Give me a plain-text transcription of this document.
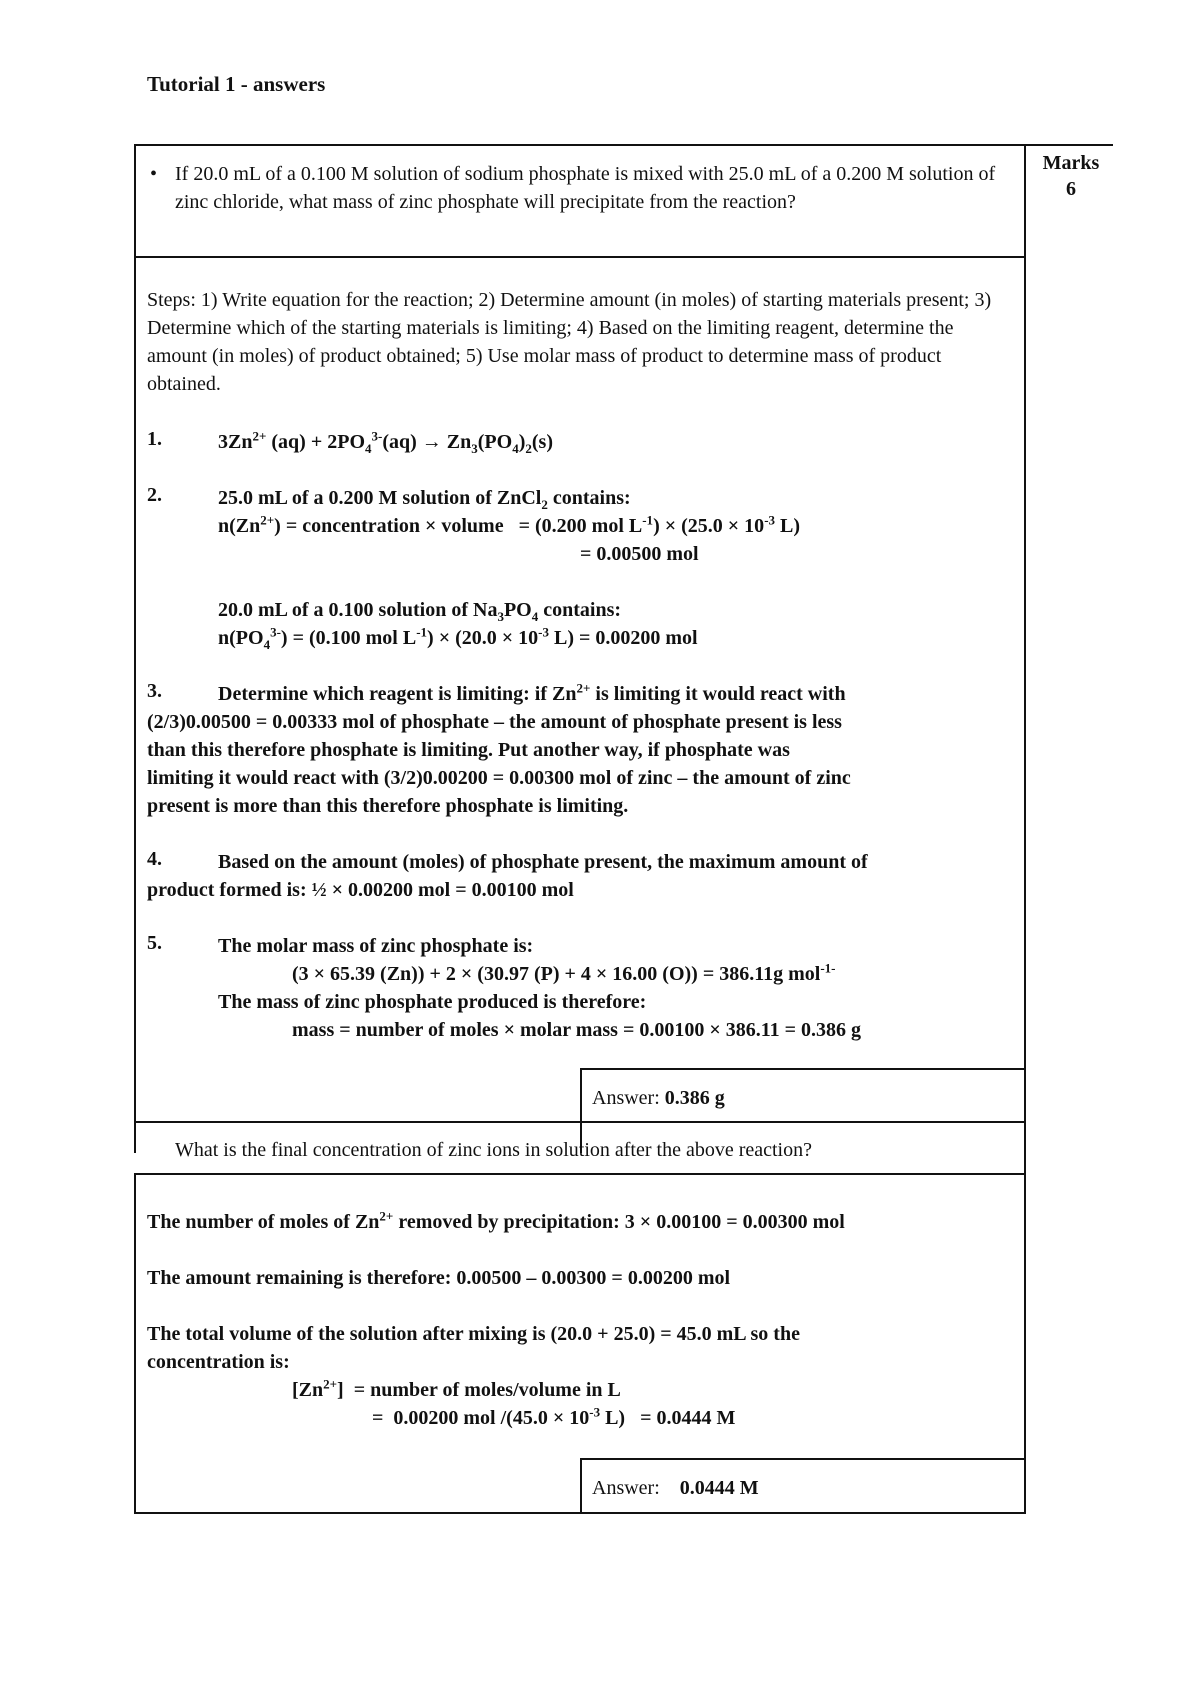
Tutorial 1 - answers
• If 20.0 mL of a 0.100 M solution of sodium phosphate is mixed with 25.0 mL of a 0.200 M solution of zinc chloride, what mass of zinc phosphate will precipitate from the reaction?
Marks
6
Steps: 1) Write equation for the reaction; 2) Determine amount (in moles) of starting materials present; 3) Determine which of the starting materials is limiting; 4) Based on the limiting reagent, determine the amount (in moles) of product obtained; 5) Use molar mass of product to determine mass of product obtained.
1.	$3Zn^{2+}$ $(aq) + 2PO_4^{3-}(aq) \to Zn_3(PO_4)_2(s)$
2.	25.0 mL of a 0.200 M solution of ZnCl$_2$ contains:
$n(Zn^{2+})$ = concentration × volume   = (0.200 mol $L^{-1}) \times (25.0 \times 10^{-3}$ L)
= 0.00500 mol
20.0 mL of a 0.100 solution of $Na_3PO_4$ contains:
$n(PO_4^{3-}) = (0.100$ mol $L^{-1}) \times (20.0 \times 10^{-3}$ L) = 0.00200 mol
3.	Determine which reagent is limiting: if $Zn^{2+}$ is limiting it would react with
(2/3)0.00500 = 0.00333 mol of phosphate – the amount of phosphate present is less
than this therefore phosphate is limiting. Put another way, if phosphate was
limiting it would react with (3/2)0.00200 = 0.00300 mol of zinc – the amount of zinc
present is more than this therefore phosphate is limiting.
4.	Based on the amount (moles) of phosphate present, the maximum amount of
product formed is: ½ × 0.00200 mol = 0.00100 mol
5.	The molar mass of zinc phosphate is:
(3 × 65.39 (Zn)) + 2 × (30.97 (P) + 4 × 16.00 (O)) = 386.11g mol$^{-1-}$
The mass of zinc phosphate produced is therefore:
mass = number of moles × molar mass = 0.00100 × 386.11 = 0.386 g
Answer: 0.386 g
What is the final concentration of zinc ions in solution after the above reaction?
The number of moles of $Zn^{2+}$ removed by precipitation: 3 × 0.00100 = 0.00300 mol
The amount remaining is therefore: 0.00500 – 0.00300 = 0.00200 mol
The total volume of the solution after mixing is (20.0 + 25.0) = 45.0 mL so the
concentration is:
$[Zn^{2+}]$  = number of moles/volume in L
=  0.00200 mol $/(45.0 \times 10^{-3}$ L)   = 0.0444 M
Answer: 0.0444 M
